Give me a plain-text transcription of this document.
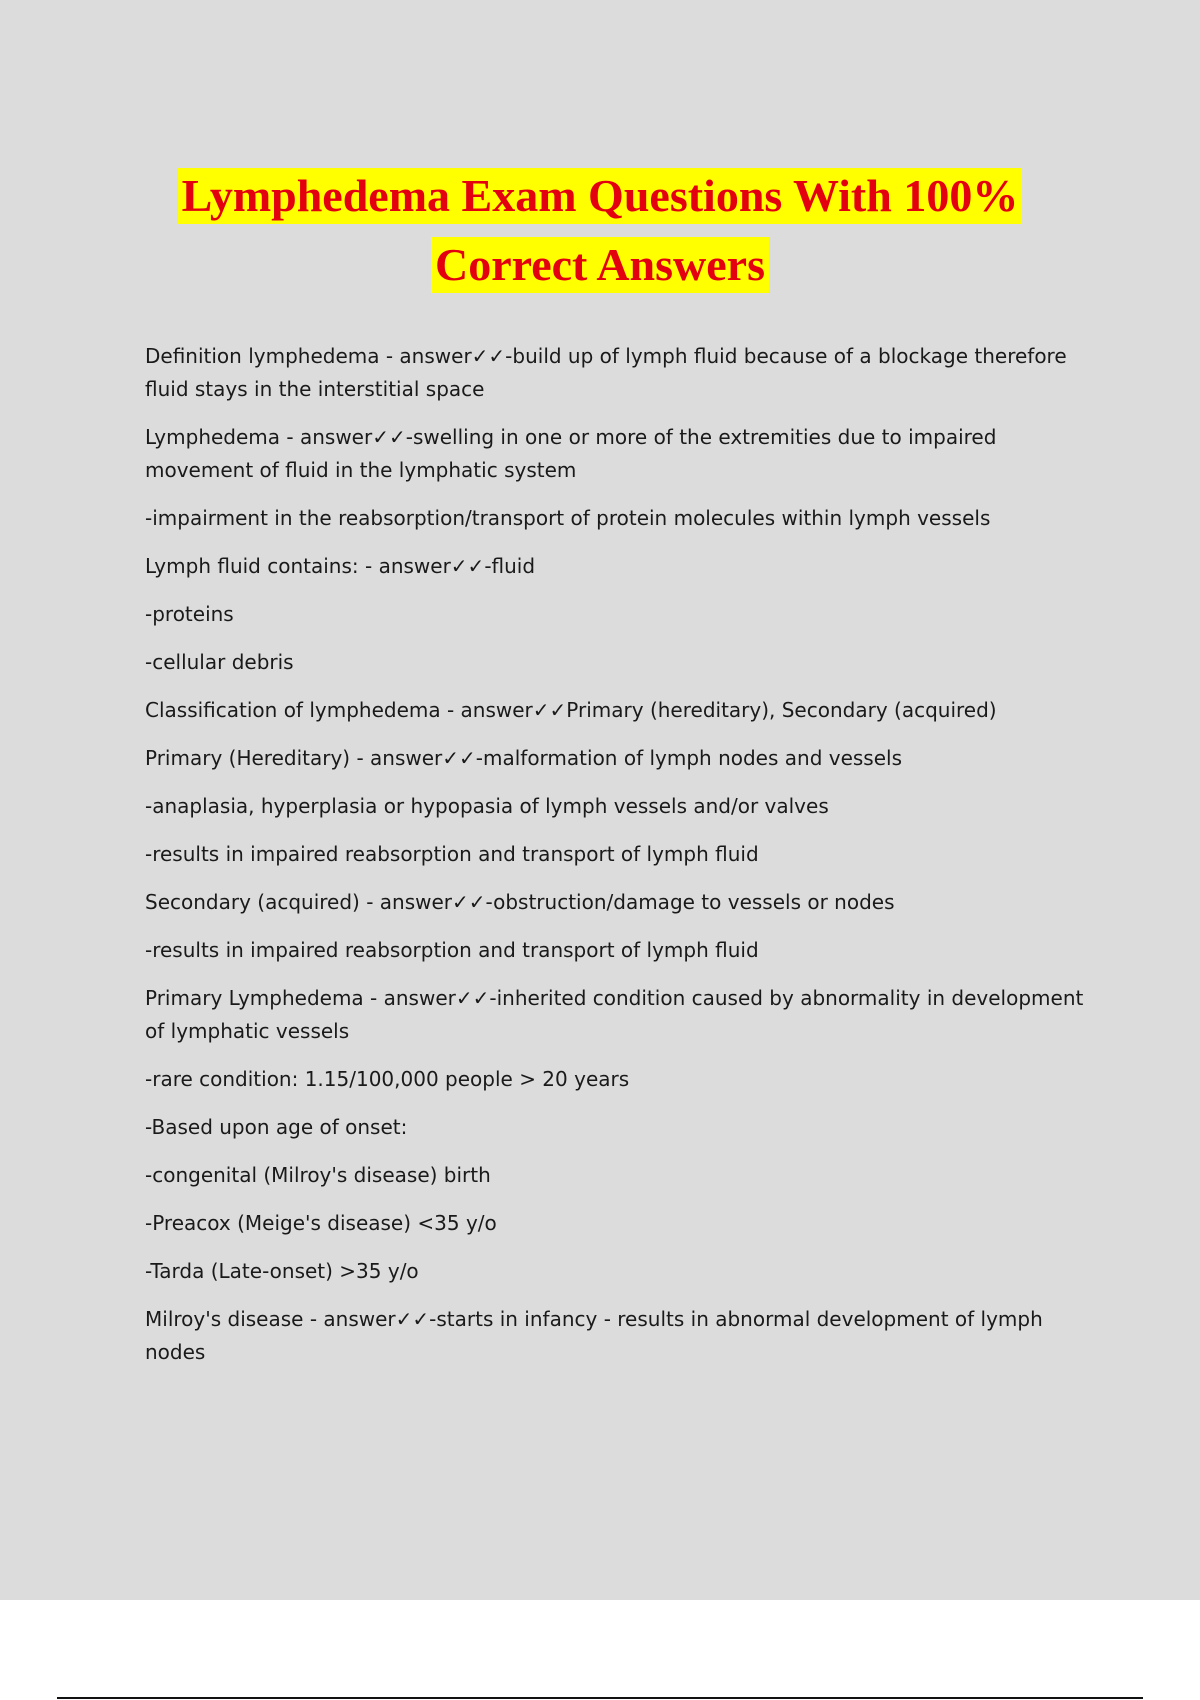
Lymphedema Exam Questions With 100%
Correct Answers

Definition lymphedema - answer✓✓-build up of lymph fluid because of a blockage therefore fluid stays in the interstitial space

Lymphedema - answer✓✓-swelling in one or more of the extremities due to impaired movement of fluid in the lymphatic system

-impairment in the reabsorption/transport of protein molecules within lymph vessels

Lymph fluid contains: - answer✓✓-fluid

-proteins

-cellular debris

Classification of lymphedema - answer✓✓Primary (hereditary), Secondary (acquired)

Primary (Hereditary) - answer✓✓-malformation of lymph nodes and vessels

-anaplasia, hyperplasia or hypopasia of lymph vessels and/or valves

-results in impaired reabsorption and transport of lymph fluid

Secondary (acquired) - answer✓✓-obstruction/damage to vessels or nodes

-results in impaired reabsorption and transport of lymph fluid

Primary Lymphedema - answer✓✓-inherited condition caused by abnormality in development of lymphatic vessels

-rare condition: 1.15/100,000 people > 20 years

-Based upon age of onset:

-congenital (Milroy's disease) birth

-Preacox (Meige's disease) <35 y/o

-Tarda (Late-onset) >35 y/o

Milroy's disease - answer✓✓-starts in infancy - results in abnormal development of lymph nodes
